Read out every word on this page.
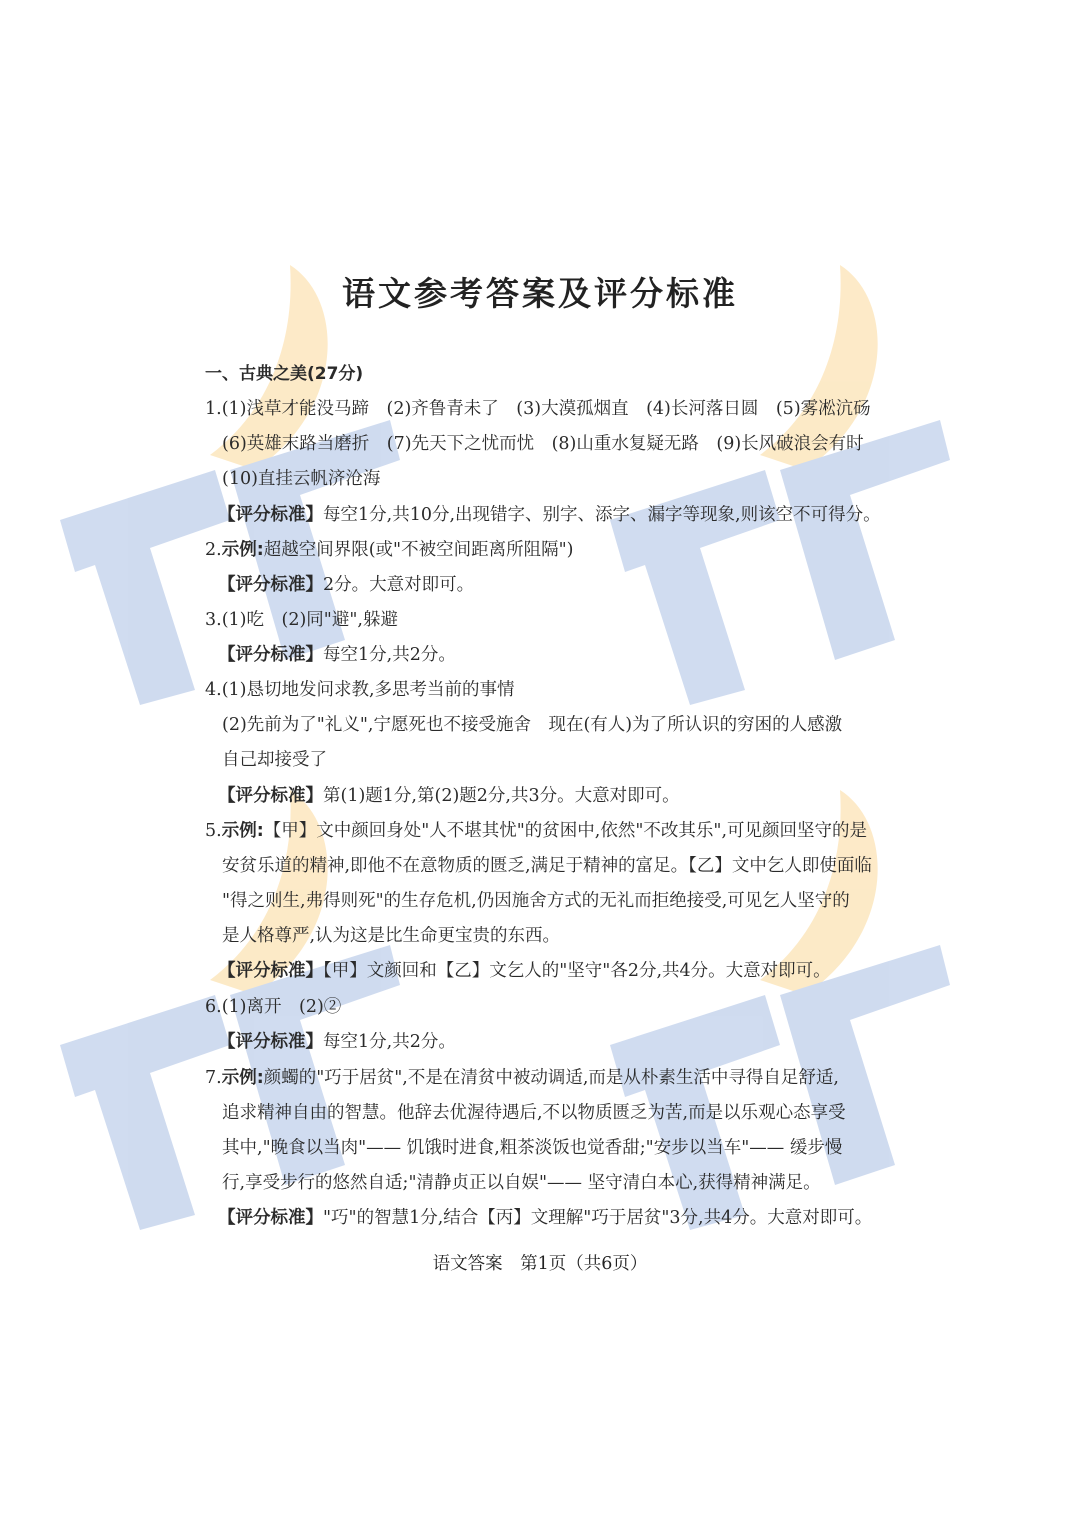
语文参考答案及评分标准
一、古典之美(27分)
1.(1)浅草才能没马蹄　(2)齐鲁青未了　(3)大漠孤烟直　(4)长河落日圆　(5)雾凇沆砀
(6)英雄末路当磨折　(7)先天下之忧而忧　(8)山重水复疑无路　(9)长风破浪会有时
(10)直挂云帆济沧海
【评分标准】每空1分,共10分,出现错字、别字、添字、漏字等现象,则该空不可得分。
2.示例:超越空间界限(或"不被空间距离所阻隔")
【评分标准】2分。大意对即可。
3.(1)吃　(2)同"避",躲避
【评分标准】每空1分,共2分。
4.(1)恳切地发问求教,多思考当前的事情
(2)先前为了"礼义",宁愿死也不接受施舍　现在(有人)为了所认识的穷困的人感激
自己却接受了
【评分标准】第(1)题1分,第(2)题2分,共3分。大意对即可。
5.示例:【甲】文中颜回身处"人不堪其忧"的贫困中,依然"不改其乐",可见颜回坚守的是
安贫乐道的精神,即他不在意物质的匮乏,满足于精神的富足。【乙】文中乞人即使面临
"得之则生,弗得则死"的生存危机,仍因施舍方式的无礼而拒绝接受,可见乞人坚守的
是人格尊严,认为这是比生命更宝贵的东西。
【评分标准】【甲】文颜回和【乙】文乞人的"坚守"各2分,共4分。大意对即可。
6.(1)离开　(2)②
【评分标准】每空1分,共2分。
7.示例:颜蠋的"巧于居贫",不是在清贫中被动调适,而是从朴素生活中寻得自足舒适,
追求精神自由的智慧。他辞去优渥待遇后,不以物质匮乏为苦,而是以乐观心态享受
其中,"晚食以当肉"—— 饥饿时进食,粗茶淡饭也觉香甜;"安步以当车"—— 缓步慢
行,享受步行的悠然自适;"清静贞正以自娱"—— 坚守清白本心,获得精神满足。
【评分标准】"巧"的智慧1分,结合【丙】文理解"巧于居贫"3分,共4分。大意对即可。
语文答案　第1页（共6页）
